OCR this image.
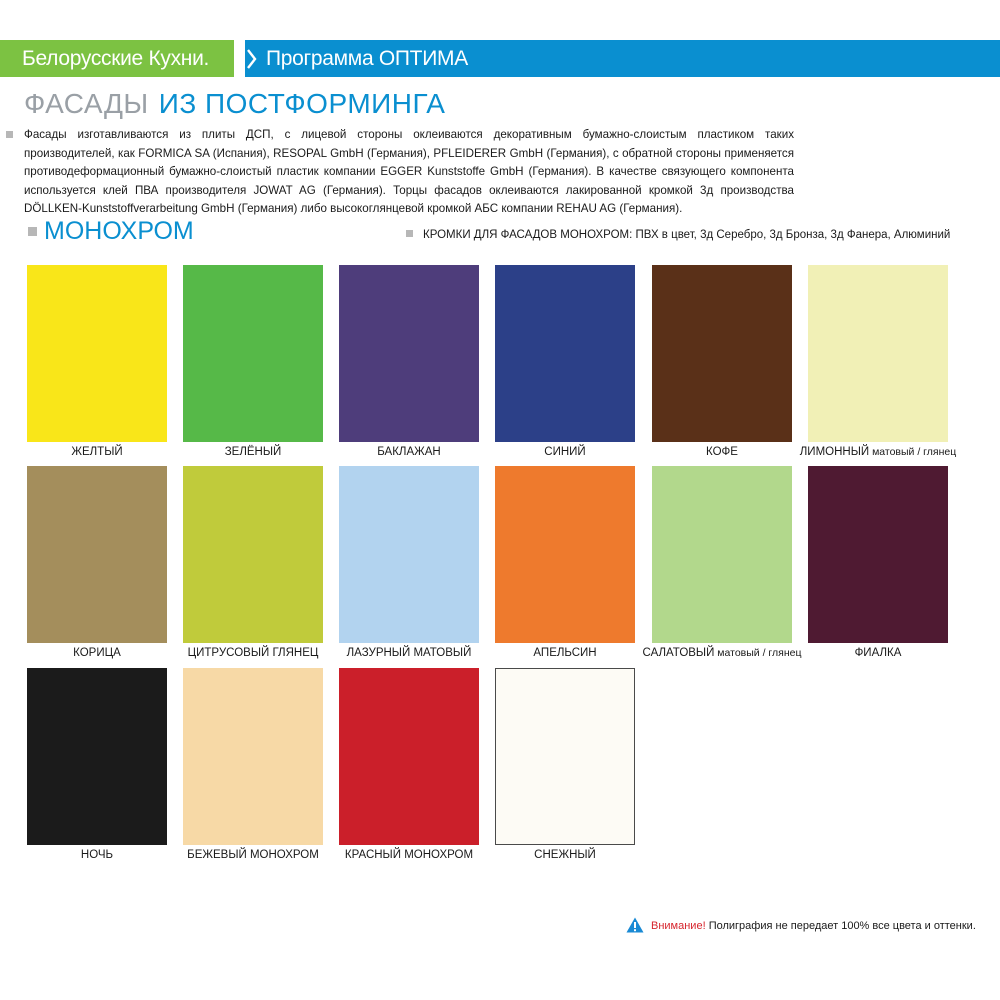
Белорусские Кухни.	Программа ОПТИМА
ФАСАДЫ ИЗ ПОСТФОРМИНГА
Фасады изготавливаются из плиты ДСП, с лицевой стороны оклеиваются декоративным бумажно-слоистым пластиком таких производителей, как FORMICA SA (Испания), RESOPAL GmbH (Германия), PFLEIDERER GmbH (Германия), с обратной стороны применяется противодеформационный бумажно-слоистый пластик компании EGGER Kunststoffe GmbH (Германия). В качестве связующего компонента используется клей ПВА производителя JOWAT AG (Германия). Торцы фасадов оклеиваются лакированной кромкой 3д производства DÖLLKEN-Kunststoffverarbeitung GmbH (Германия) либо высокоглянцевой кромкой АБС компании REHAU AG (Германия).
МОНОХРОМ	КРОМКИ ДЛЯ ФАСАДОВ МОНОХРОМ: ПВХ в цвет, 3д Серебро, 3д Бронза, 3д Фанера, Алюминий
ЖЕЛТЫЙ	ЗЕЛЁНЫЙ	БАКЛАЖАН	СИНИЙ	КОФЕ	ЛИМОННЫЙ матовый / глянец
КОРИЦА	ЦИТРУСОВЫЙ ГЛЯНЕЦ	ЛАЗУРНЫЙ МАТОВЫЙ	АПЕЛЬСИН	САЛАТОВЫЙ матовый / глянец	ФИАЛКА
НОЧЬ	БЕЖЕВЫЙ МОНОХРОМ	КРАСНЫЙ МОНОХРОМ	СНЕЖНЫЙ
Внимание! Полиграфия не передает 100% все цвета и оттенки.
